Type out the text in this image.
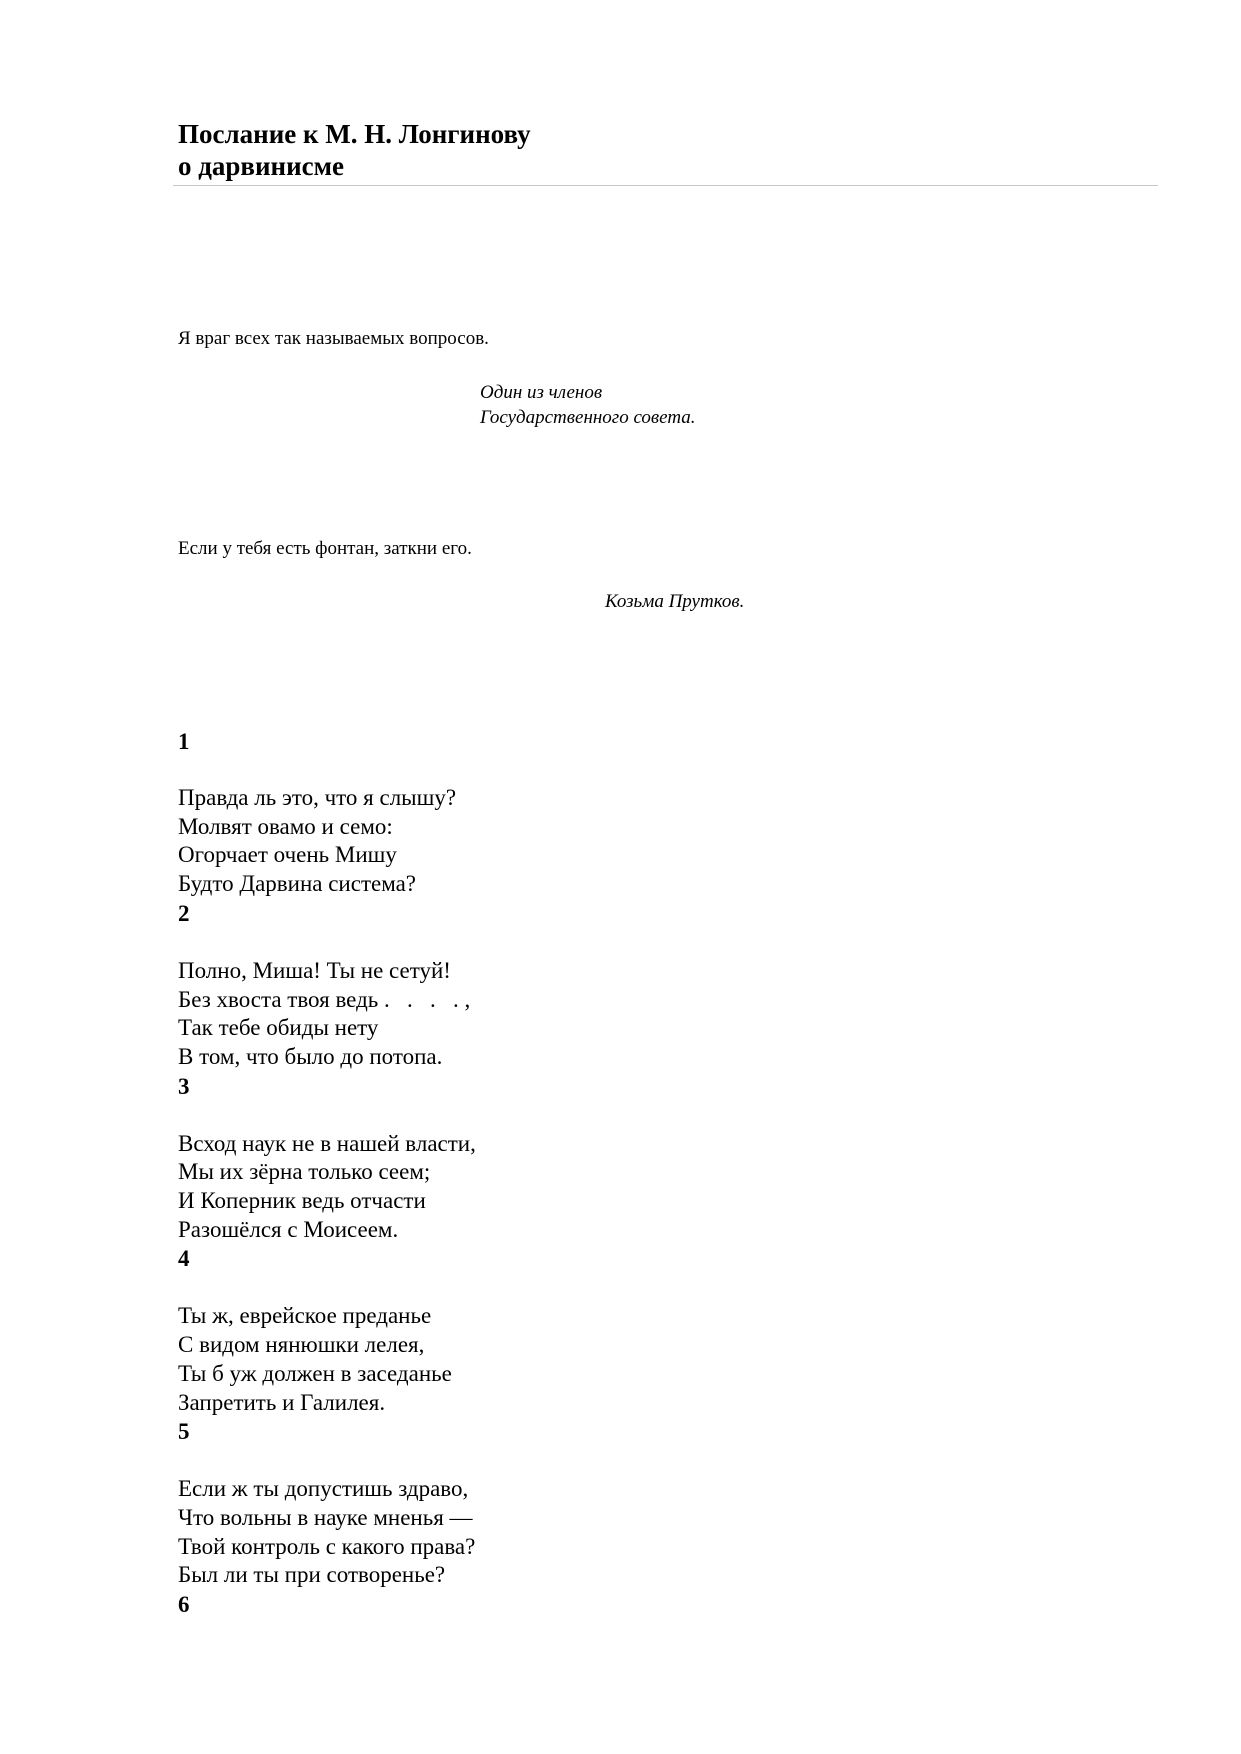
Послание к М. Н. Лонгинову

о дарвинисме

Я враг всех так называемых вопросов.

Один из членов
Государственного совета.

Если у тебя есть фонтан, заткни его.

Козьма Прутков.

1

Правда ль это, что я слышу?

Молвят овамо и семо:

Огорчает очень Мишу

Будто Дарвина система?

2

Полно, Миша! Ты не сетуй!

Без хвоста твоя ведь .   .   .   . ,

Так тебе обиды нету

В том, что было до потопа.

3

Всход наук не в нашей власти,

Мы их зёрна только сеем;

И Коперник ведь отчасти

Разошёлся с Моисеем.

4

Ты ж, еврейское преданье

С видом нянюшки лелея,

Ты б уж должен в заседанье

Запретить и Галилея.

5

Если ж ты допустишь здраво,

Что вольны в науке мненья —

Твой контроль с какого права?

Был ли ты при сотворенье?

6
